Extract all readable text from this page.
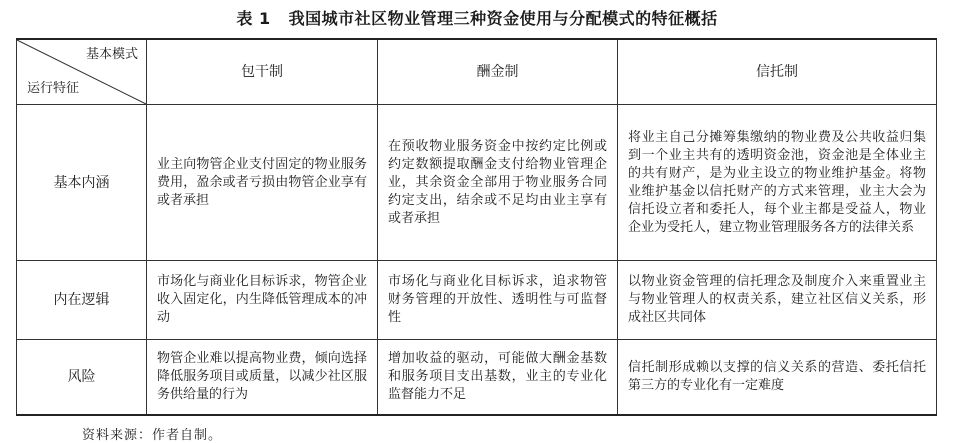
表 1 我国城市社区物业管理三种资金使用与分配模式的特征概括
基本模式
运行特征	包干制	酬金制	信托制
基本内涵	业主向物管企业支付固定的物业服务费用，盈余或者亏损由物管企业享有或者承担	在预收物业服务资金中按约定比例或约定数额提取酬金支付给物业管理企业，其余资金全部用于物业服务合同约定支出，结余或不足均由业主享有或者承担	将业主自己分摊筹集缴纳的物业费及公共收益归集到一个业主共有的透明资金池，资金池是全体业主的共有财产，是为业主设立的物业维护基金。将物业维护基金以信托财产的方式来管理，业主大会为信托设立者和委托人，每个业主都是受益人，物业企业为受托人，建立物业管理服务各方的法律关系
内在逻辑	市场化与商业化目标诉求，物管企业收入固定化，内生降低管理成本的冲动	市场化与商业化目标诉求，追求物管财务管理的开放性、透明性与可监督性	以物业资金管理的信托理念及制度介入来重置业主与物业管理人的权责关系，建立社区信义关系，形成社区共同体
风险	物管企业难以提高物业费，倾向选择降低服务项目或质量，以减少社区服务供给量的行为	增加收益的驱动，可能做大酬金基数和服务项目支出基数，业主的专业化监督能力不足	信托制形成赖以支撑的信义关系的营造、委托信托第三方的专业化有一定难度
资料来源：作者自制。
